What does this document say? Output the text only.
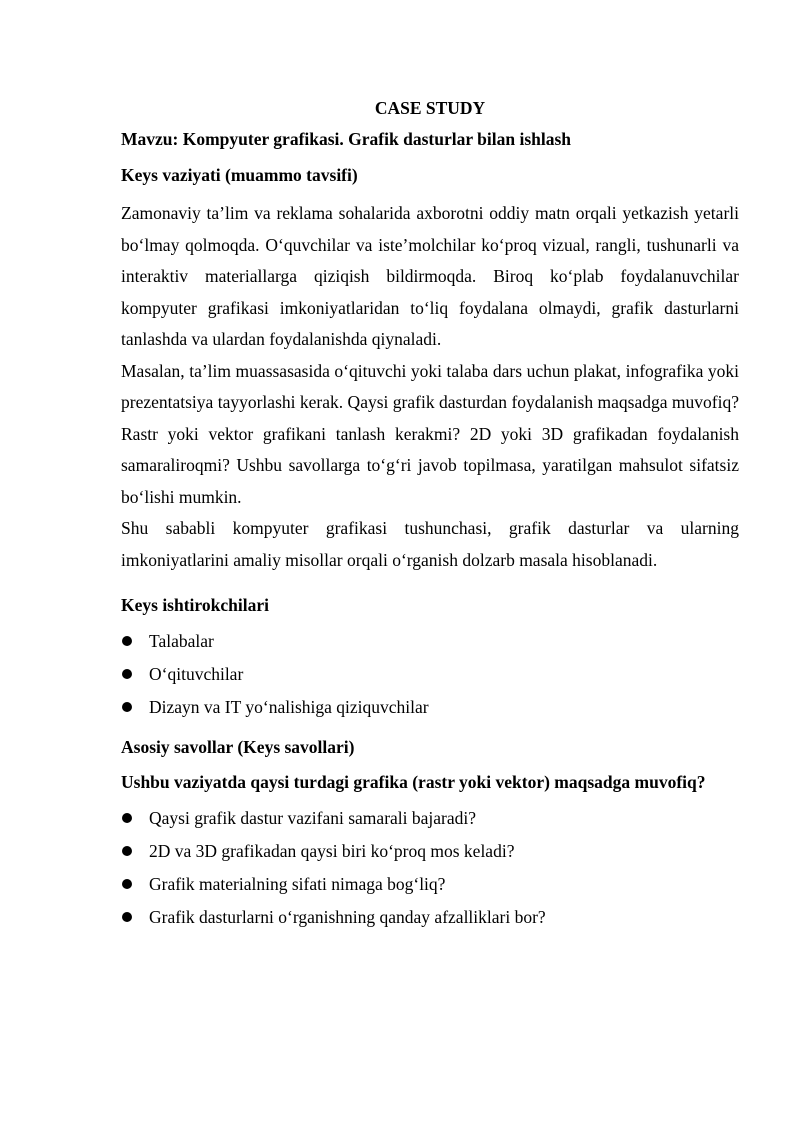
CASE STUDY

Mavzu: Kompyuter grafikasi. Grafik dasturlar bilan ishlash

Keys vaziyati (muammo tavsifi)

Zamonaviy ta’lim va reklama sohalarida axborotni oddiy matn orqali yetkazish yetarli bo‘lmay qolmoqda. O‘quvchilar va iste’molchilar ko‘proq vizual, rangli, tushunarli va interaktiv materiallarga qiziqish bildirmoqda. Biroq ko‘plab foydalanuvchilar kompyuter grafikasi imkoniyatlaridan to‘liq foydalana olmaydi, grafik dasturlarni tanlashda va ulardan foydalanishda qiynaladi.

Masalan, ta’lim muassasasida o‘qituvchi yoki talaba dars uchun plakat, infografika yoki prezentatsiya tayyorlashi kerak. Qaysi grafik dasturdan foydalanish maqsadga muvofiq? Rastr yoki vektor grafikani tanlash kerakmi? 2D yoki 3D grafikadan foydalanish samaraliroqmi? Ushbu savollarga to‘g‘ri javob topilmasa, yaratilgan mahsulot sifatsiz bo‘lishi mumkin.

Shu sababli kompyuter grafikasi tushunchasi, grafik dasturlar va ularning imkoniyatlarini amaliy misollar orqali o‘rganish dolzarb masala hisoblanadi.

Keys ishtirokchilari

Talabalar
O‘qituvchilar
Dizayn va IT yo‘nalishiga qiziquvchilar

Asosiy savollar (Keys savollari)

Ushbu vaziyatda qaysi turdagi grafika (rastr yoki vektor) maqsadga muvofiq?

Qaysi grafik dastur vazifani samarali bajaradi?
2D va 3D grafikadan qaysi biri ko‘proq mos keladi?
Grafik materialning sifati nimaga bog‘liq?
Grafik dasturlarni o‘rganishning qanday afzalliklari bor?
